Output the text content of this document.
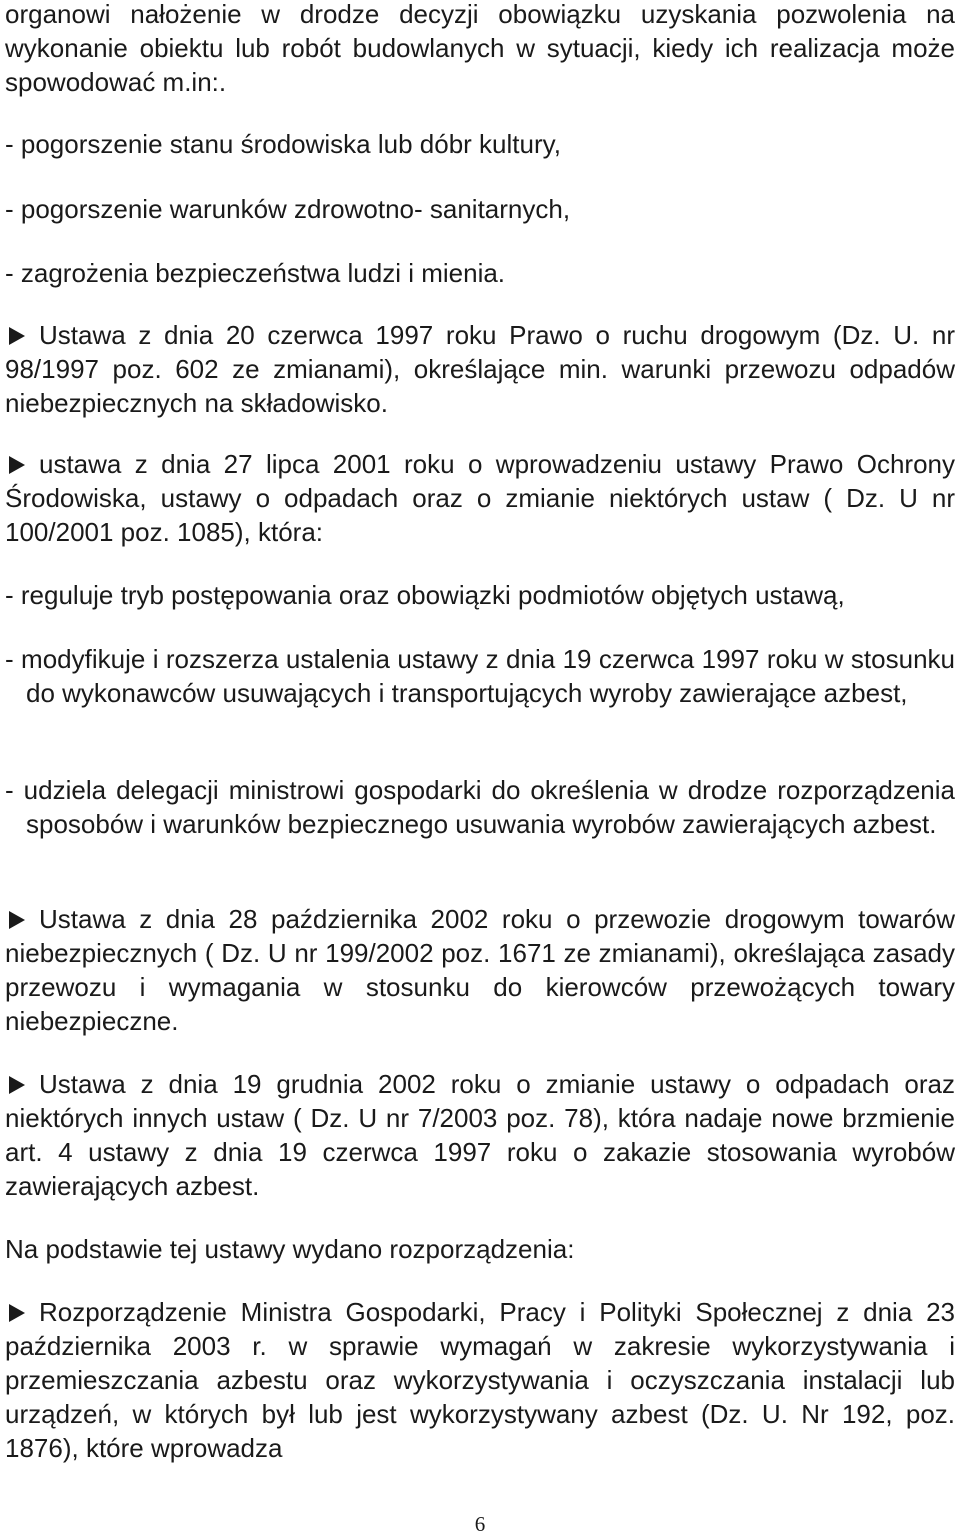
organowi nałożenie w drodze decyzji obowiązku uzyskania pozwolenia na wykonanie obiektu lub robót budowlanych w sytuacji, kiedy ich realizacja może spowodować m.in:.

- pogorszenie stanu środowiska lub dóbr kultury,

- pogorszenie warunków zdrowotno- sanitarnych,

- zagrożenia bezpieczeństwa ludzi i mienia.

Ustawa z dnia 20 czerwca 1997 roku Prawo o ruchu drogowym (Dz. U. nr 98/1997 poz. 602 ze zmianami), określające min. warunki przewozu odpadów niebezpiecznych na składowisko.

ustawa z dnia 27 lipca 2001 roku o wprowadzeniu ustawy Prawo Ochrony Środowiska, ustawy o odpadach oraz o zmianie niektórych ustaw ( Dz. U nr 100/2001 poz. 1085), która:

- reguluje tryb postępowania oraz obowiązki podmiotów objętych ustawą,

- modyfikuje i rozszerza ustalenia ustawy z dnia 19 czerwca 1997 roku w stosunku do wykonawców usuwających i transportujących wyroby zawierające azbest,

- udziela delegacji ministrowi gospodarki do określenia w drodze rozporządzenia sposobów i warunków bezpiecznego usuwania wyrobów zawierających azbest.

Ustawa z dnia 28 października 2002 roku o przewozie drogowym towarów niebezpiecznych ( Dz. U nr 199/2002 poz. 1671 ze zmianami), określająca zasady przewozu i wymagania w stosunku do kierowców przewożących towary niebezpieczne.

Ustawa z dnia 19 grudnia 2002 roku o zmianie ustawy o odpadach oraz niektórych innych ustaw ( Dz. U nr 7/2003 poz. 78), która nadaje nowe brzmienie art. 4 ustawy z dnia 19 czerwca 1997 roku o zakazie stosowania wyrobów zawierających azbest.

Na podstawie tej ustawy wydano rozporządzenia:

Rozporządzenie Ministra Gospodarki, Pracy i Polityki Społecznej z dnia 23 października 2003 r. w sprawie wymagań w zakresie wykorzystywania i przemieszczania azbestu oraz wykorzystywania i oczyszczania instalacji lub urządzeń, w których był lub jest wykorzystywany azbest (Dz. U. Nr 192, poz. 1876), które wprowadza

6
